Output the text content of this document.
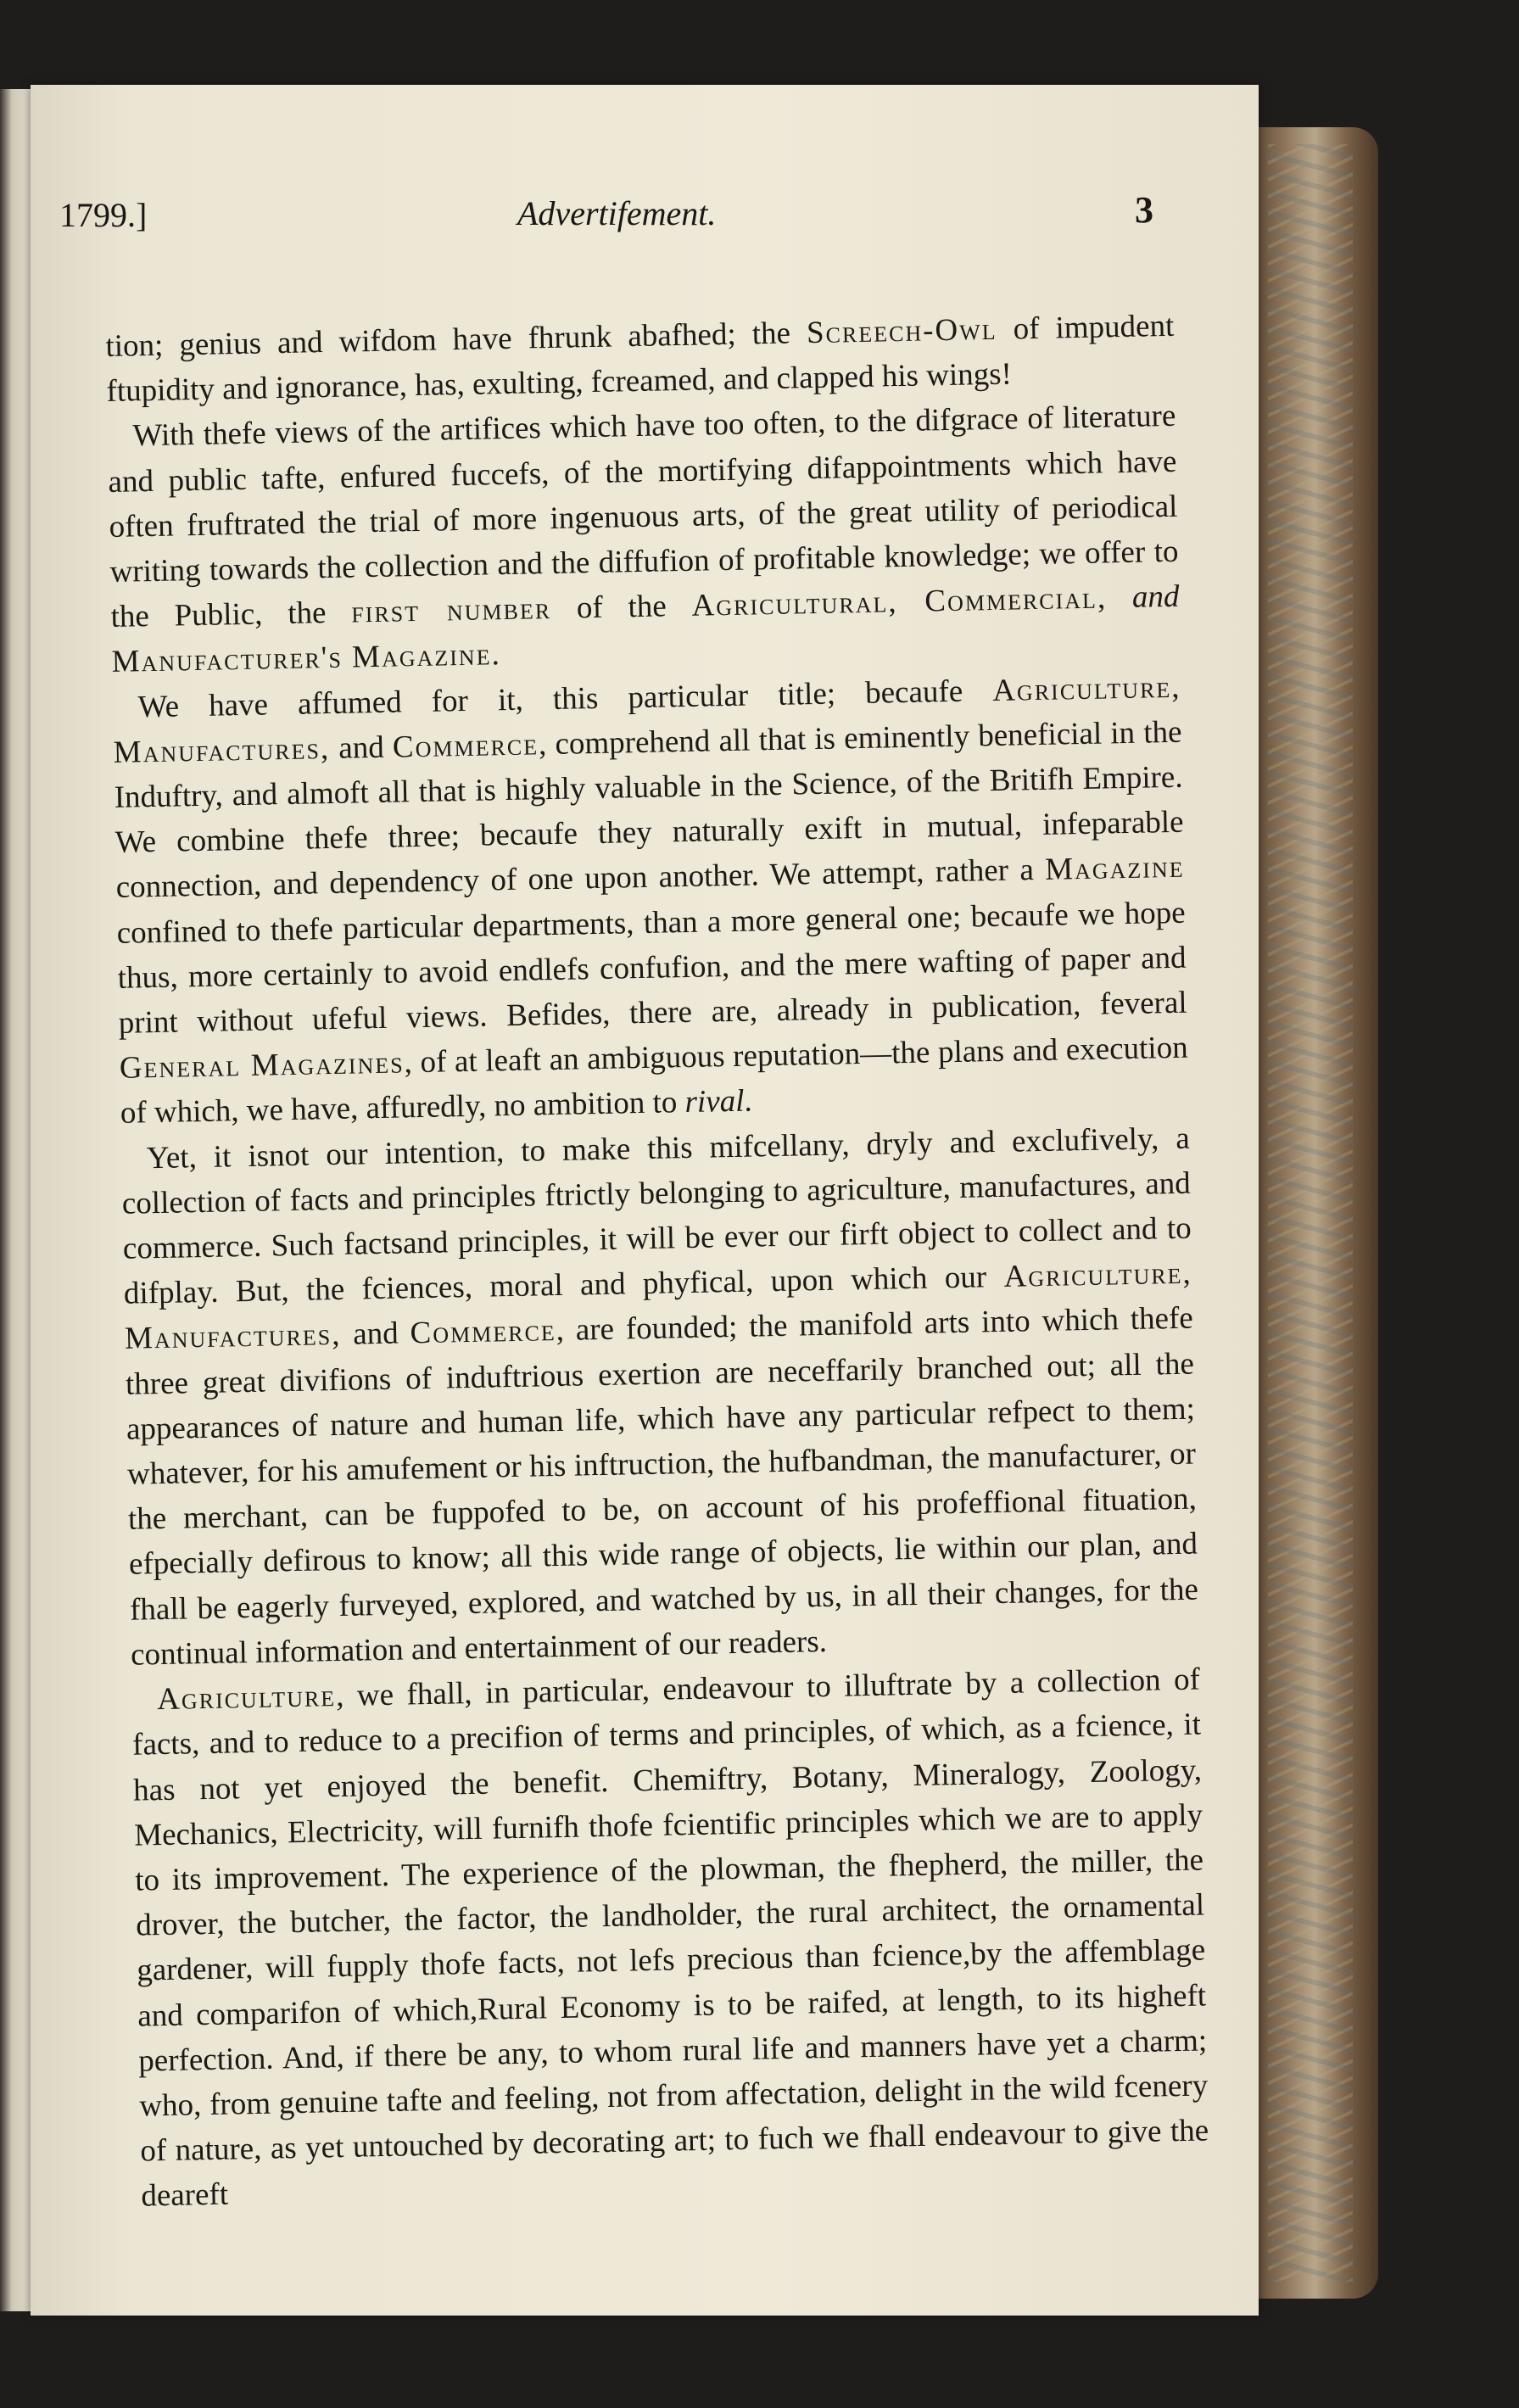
1799.]	Advertifement.	3

tion; genius and wifdom have fhrunk abafhed; the Screech-Owl of impudent ftupidity and ignorance, has, exulting, fcreamed, and clapped his wings!

With thefe views of the artifices which have too often, to the difgrace of literature and public tafte, enfured fuccefs, of the mortifying difappointments which have often fruftrated the trial of more ingenuous arts, of the great utility of periodical writing towards the collection and the diffufion of profitable knowledge; we offer to the Public, the first number of the Agricultural, Commercial, and Manufacturer's Magazine.

We have affumed for it, this particular title; becaufe Agriculture, Manufactures, and Commerce, comprehend all that is eminently beneficial in the Induftry, and almoft all that is highly valuable in the Science, of the Britifh Empire. We combine thefe three; becaufe they naturally exift in mutual, infeparable connection, and dependency of one upon another. We attempt, rather a Magazine confined to thefe particular departments, than a more general one; becaufe we hope thus, more certainly to avoid endlefs confufion, and the mere wafting of paper and print without ufeful views. Befides, there are, already in publication, feveral General Magazines, of at leaft an ambiguous reputation—the plans and execution of which, we have, affuredly, no ambition to rival.

Yet, it isnot our intention, to make this mifcellany, dryly and exclufively, a collection of facts and principles ftrictly belonging to agriculture, manufactures, and commerce. Such factsand principles, it will be ever our firft object to collect and to difplay. But, the fciences, moral and phyfical, upon which our Agriculture, Manufactures, and Commerce, are founded; the manifold arts into which thefe three great divifions of induftrious exertion are neceffarily branched out; all the appearances of nature and human life, which have any particular refpect to them; whatever, for his amufement or his inftruction, the hufbandman, the manufacturer, or the merchant, can be fuppofed to be, on account of his profeffional fituation, efpecially defirous to know; all this wide range of objects, lie within our plan, and fhall be eagerly furveyed, explored, and watched by us, in all their changes, for the continual information and entertainment of our readers.

Agriculture, we fhall, in particular, endeavour to illuftrate by a collection of facts, and to reduce to a precifion of terms and principles, of which, as a fcience, it has not yet enjoyed the benefit. Chemiftry, Botany, Mineralogy, Zoology, Mechanics, Electricity, will furnifh thofe fcientific principles which we are to apply to its improvement. The experience of the plowman, the fhepherd, the miller, the drover, the butcher, the factor, the landholder, the rural architect, the ornamental gardener, will fupply thofe facts, not lefs precious than fcience,by the affemblage and comparifon of which,Rural Economy is to be raifed, at length, to its higheft perfection. And, if there be any, to whom rural life and manners have yet a charm; who, from genuine tafte and feeling, not from affectation, delight in the wild fcenery of nature, as yet untouched by decorating art; to fuch we fhall endeavour to give the deareft
